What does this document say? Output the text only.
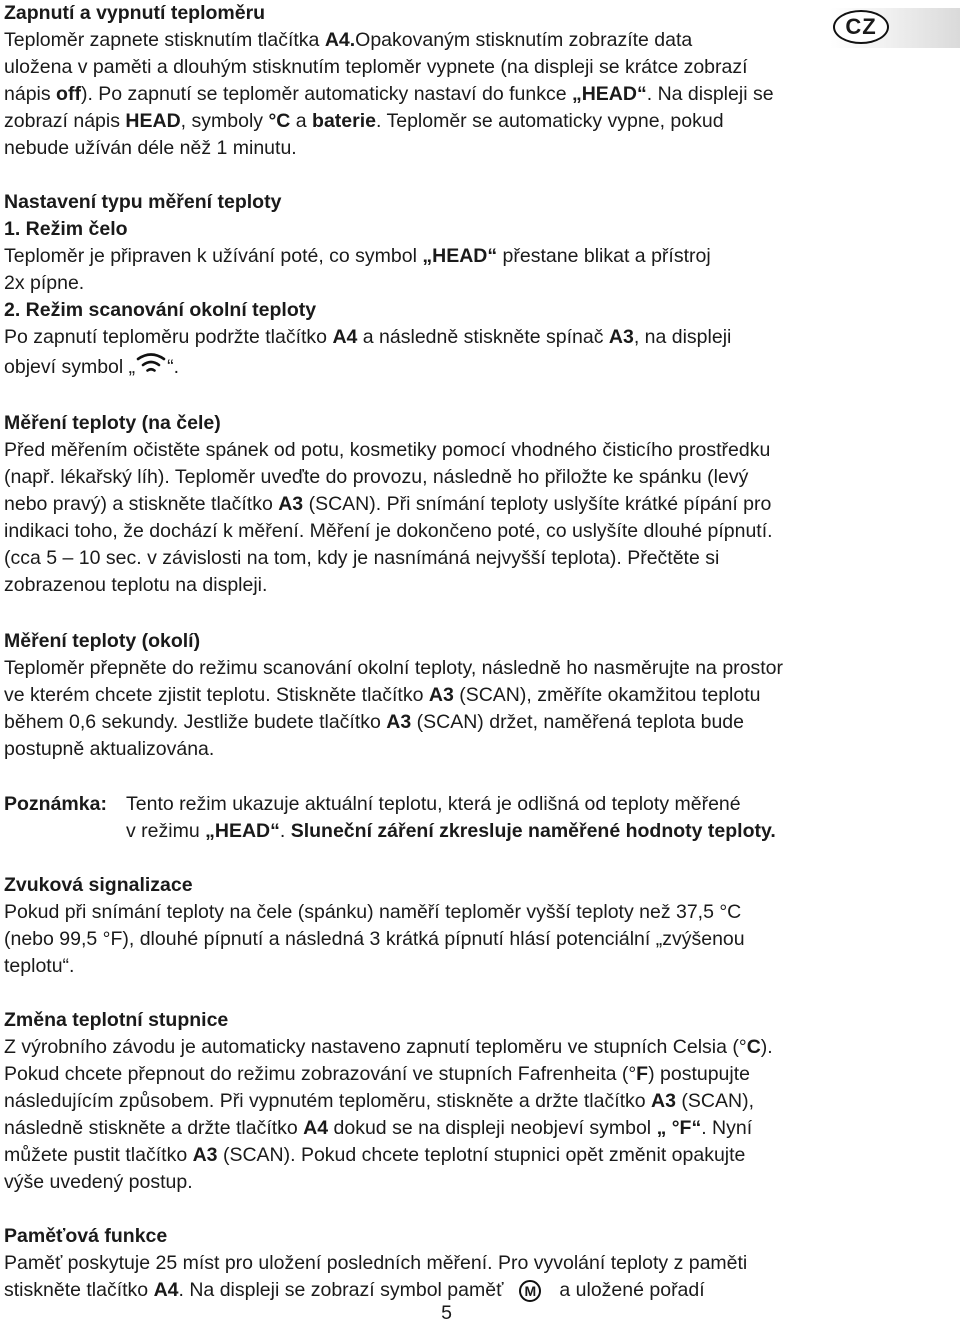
CZ

Zapnutí a vypnutí teploměru

Teploměr zapnete stisknutím tlačítka A4.Opakovaným stisknutím zobrazíte data

uložena v paměti a dlouhým stisknutím teploměr vypnete (na displeji se krátce zobrazí

nápis off). Po zapnutí se teploměr automaticky nastaví do funkce „HEAD“. Na displeji se

zobrazí nápis HEAD, symboly °C a baterie. Teploměr se automaticky vypne, pokud

nebude užíván déle něž 1 minutu.

Nastavení typu měření teploty

1. Režim čelo

Teploměr je připraven k užívání poté, co symbol „HEAD“ přestane blikat a přístroj

2x pípne.

2. Režim scanování okolní teploty

Po zapnutí teploměru podržte tlačítko A4 a následně stiskněte spínač A3, na displeji

objeví symbol „ “.

Měření teploty (na čele)

Před měřením očistěte spánek od potu, kosmetiky pomocí vhodného čisticího prostředku

(např. lékařský líh). Teploměr uveďte do provozu, následně ho přiložte ke spánku (levý

nebo pravý) a stiskněte tlačítko A3 (SCAN). Při snímání teploty uslyšíte krátké pípání pro

indikaci toho, že dochází k měření. Měření je dokončeno poté, co uslyšíte dlouhé pípnutí.

(cca 5 – 10 sec. v závislosti na tom, kdy je nasnímáná nejvyšší teplota). Přečtěte si

zobrazenou teplotu na displeji.

Měření teploty (okolí)

Teploměr přepněte do režimu scanování okolní teploty, následně ho nasměrujte na prostor

ve kterém chcete zjistit teplotu. Stiskněte tlačítko A3 (SCAN), změříte okamžitou teplotu

během 0,6 sekundy. Jestliže budete tlačítko A3 (SCAN) držet, naměřená teplota bude

postupně aktualizována.

Poznámka: Tento režim ukazuje aktuální teplotu, která je odlišná od teploty měřené

v režimu „HEAD“. Sluneční záření zkresluje naměřené hodnoty teploty.

Zvuková signalizace

Pokud při snímání teploty na čele (spánku) naměří teploměr vyšší teploty než 37,5 °C

(nebo 99,5 °F), dlouhé pípnutí a následná 3 krátká pípnutí hlásí potenciální „zvýšenou

teplotu“.

Změna teplotní stupnice

Z výrobního závodu je automaticky nastaveno zapnutí teploměru ve stupních Celsia (°C).

Pokud chcete přepnout do režimu zobrazování ve stupních Fafrenheita (°F) postupujte

následujícím způsobem. Při vypnutém teploměru, stiskněte a držte tlačítko A3 (SCAN),

následně stiskněte a držte tlačítko A4 dokud se na displeji neobjeví symbol „ °F“. Nyní

můžete pustit tlačítko A3 (SCAN). Pokud chcete teplotní stupnici opět změnit opakujte

výše uvedený postup.

Paměťová funkce

Paměť poskytuje 25 míst pro uložení posledních měření. Pro vyvolání teploty z paměti

stiskněte tlačítko A4. Na displeji se zobrazí symbol paměť M a uložené pořadí

5
